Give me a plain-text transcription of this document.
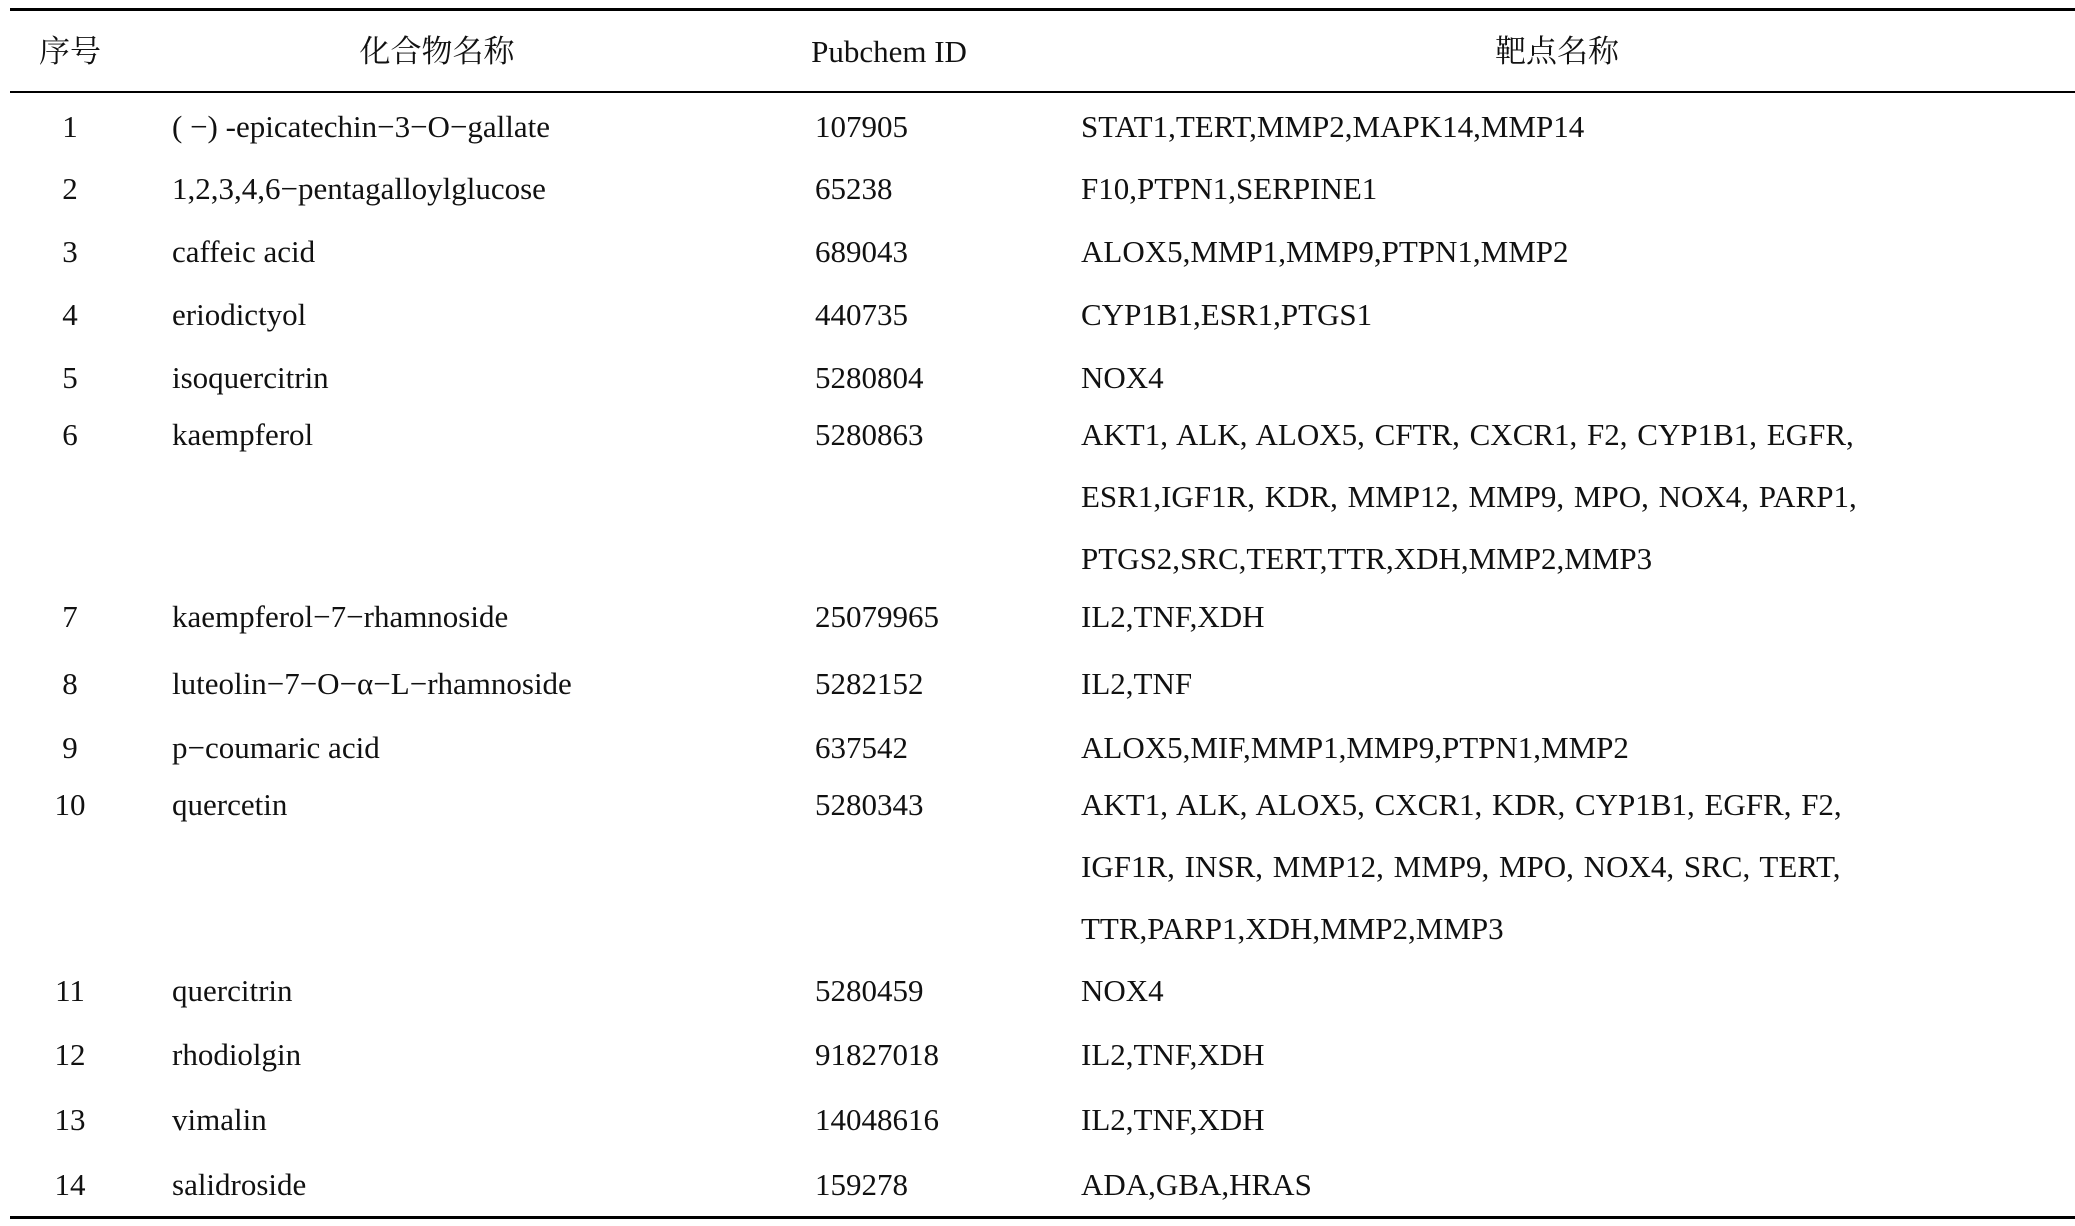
序号	化合物名称	Pubchem ID	靶点名称
1	( −) -epicatechin−3−O−gallate	107905	STAT1,TERT,MMP2,MAPK14,MMP14
2	1,2,3,4,6−pentagalloylglucose	65238	F10,PTPN1,SERPINE1
3	caffeic acid	689043	ALOX5,MMP1,MMP9,PTPN1,MMP2
4	eriodictyol	440735	CYP1B1,ESR1,PTGS1
5	isoquercitrin	5280804	NOX4
6	kaempferol	5280863	AKT1, ALK, ALOX5, CFTR, CXCR1, F2, CYP1B1, EGFR,
ESR1,IGF1R, KDR, MMP12, MMP9, MPO, NOX4, PARP1,
PTGS2,SRC,TERT,TTR,XDH,MMP2,MMP3
7	kaempferol−7−rhamnoside	25079965	IL2,TNF,XDH
8	luteolin−7−O−α−L−rhamnoside	5282152	IL2,TNF
9	p−coumaric acid	637542	ALOX5,MIF,MMP1,MMP9,PTPN1,MMP2
10	quercetin	5280343	AKT1, ALK, ALOX5, CXCR1, KDR, CYP1B1, EGFR, F2,
IGF1R, INSR, MMP12, MMP9, MPO, NOX4, SRC, TERT,
TTR,PARP1,XDH,MMP2,MMP3
11	quercitrin	5280459	NOX4
12	rhodiolgin	91827018	IL2,TNF,XDH
13	vimalin	14048616	IL2,TNF,XDH
14	salidroside	159278	ADA,GBA,HRAS
